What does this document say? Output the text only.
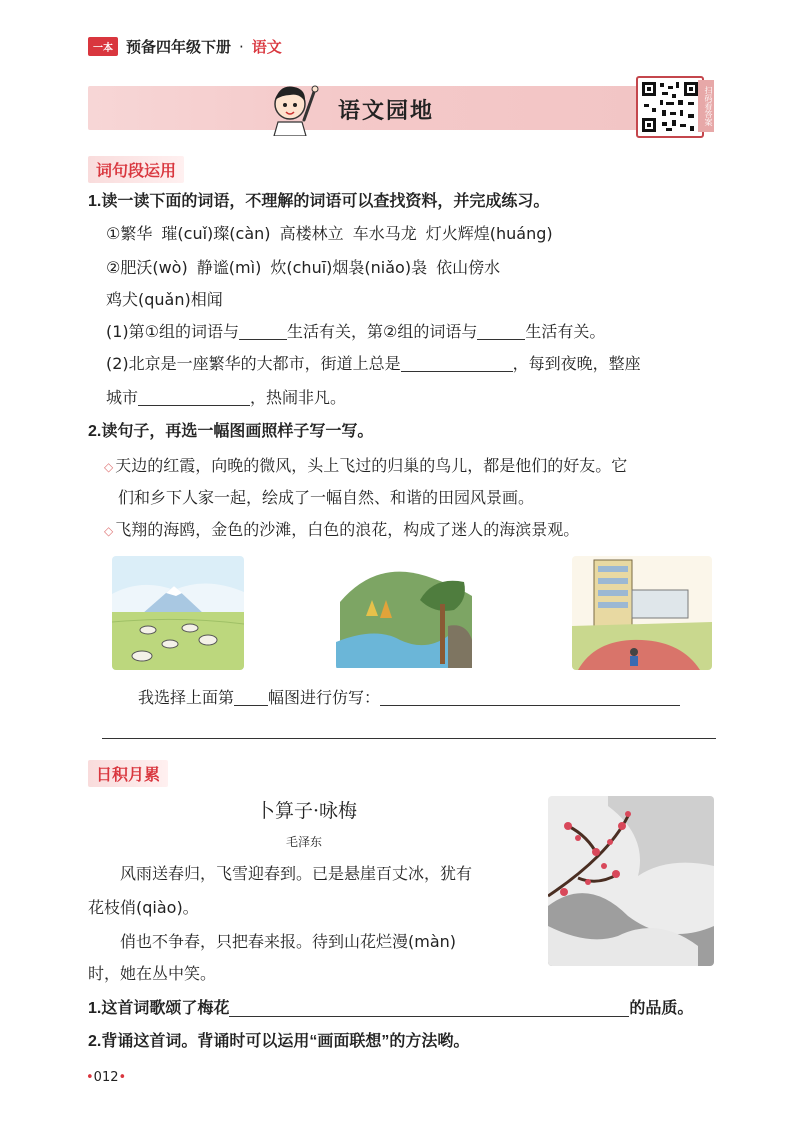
一本 预备四年级下册 · 语文
语文园地	扫码看答案
词句段运用
1.读一读下面的词语，不理解的词语可以查找资料，并完成练习。
①繁华 璀(cuǐ)璨(càn) 高楼林立 车水马龙 灯火辉煌(huáng)
②肥沃(wò) 静谧(mì) 炊(chuī)烟袅(niǎo)袅 依山傍水
鸡犬(quǎn)相闻
(1)第①组的词语与	生活有关，第②组的词语与	生活有关。
(2)北京是一座繁华的大都市，街道上总是	，每到夜晚，整座
城市	，热闹非凡。
2.读句子，再选一幅图画照样子写一写。
◇ 天边的红霞，向晚的微风，头上飞过的归巢的鸟儿，都是他们的好友。它
们和乡下人家一起，绘成了一幅自然、和谐的田园风景画。
◇ 飞翔的海鸥，金色的沙滩，白色的浪花，构成了迷人的海滨景观。
我选择上面第 幅图进行仿写：
日积月累
卜算子·咏梅
毛泽东
风雨送春归，飞雪迎春到。已是悬崖百丈冰，犹有
花枝俏(qiào)。
俏也不争春，只把春来报。待到山花烂漫(màn)
时，她在丛中笑。
1.这首词歌颂了梅花	的品质。
2.背诵这首词。背诵时可以运用“画面联想”的方法哟。
•012•
